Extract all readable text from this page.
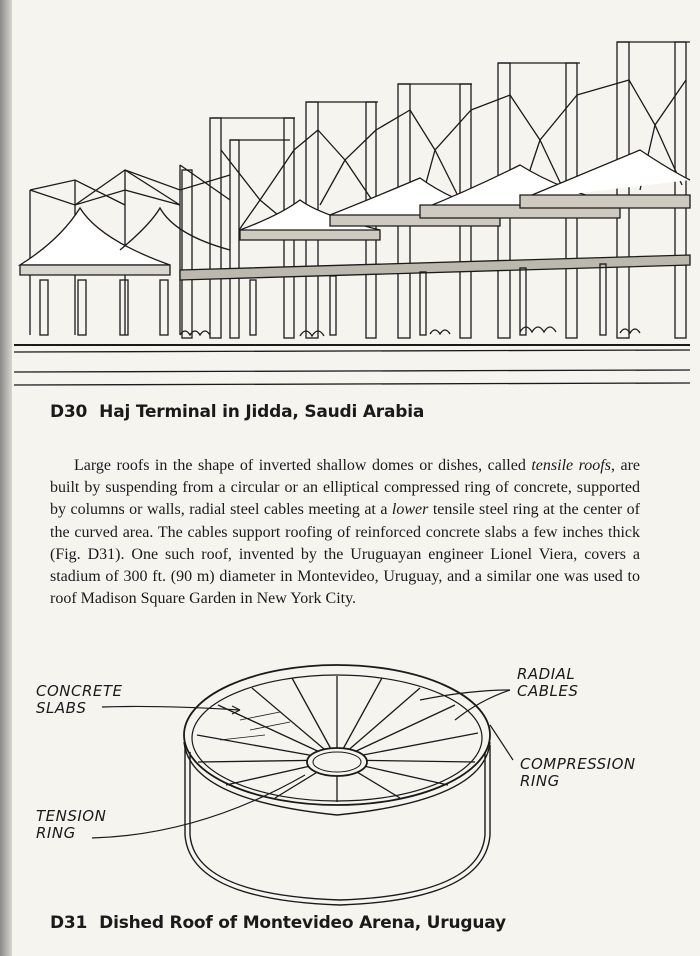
D30 Haj Terminal in Jidda, Saudi Arabia

Large roofs in the shape of inverted shallow domes or dishes, called tensile roofs, are built by suspending from a circular or an elliptical compressed ring of concrete, supported by columns or walls, radial steel cables meeting at a lower tensile steel ring at the center of the curved area. The cables support roofing of reinforced concrete slabs a few inches thick (Fig. D31). One such roof, invented by the Uruguayan engineer Lionel Viera, covers a stadium of 300 ft. (90 m) diameter in Montevideo, Uruguay, and a similar one was used to roof Madison Square Garden in New York City.

CONCRETE
SLABS
RADIAL
CABLES
COMPRESSION
RING
TENSION
RING
D31 Dished Roof of Montevideo Arena, Uruguay
